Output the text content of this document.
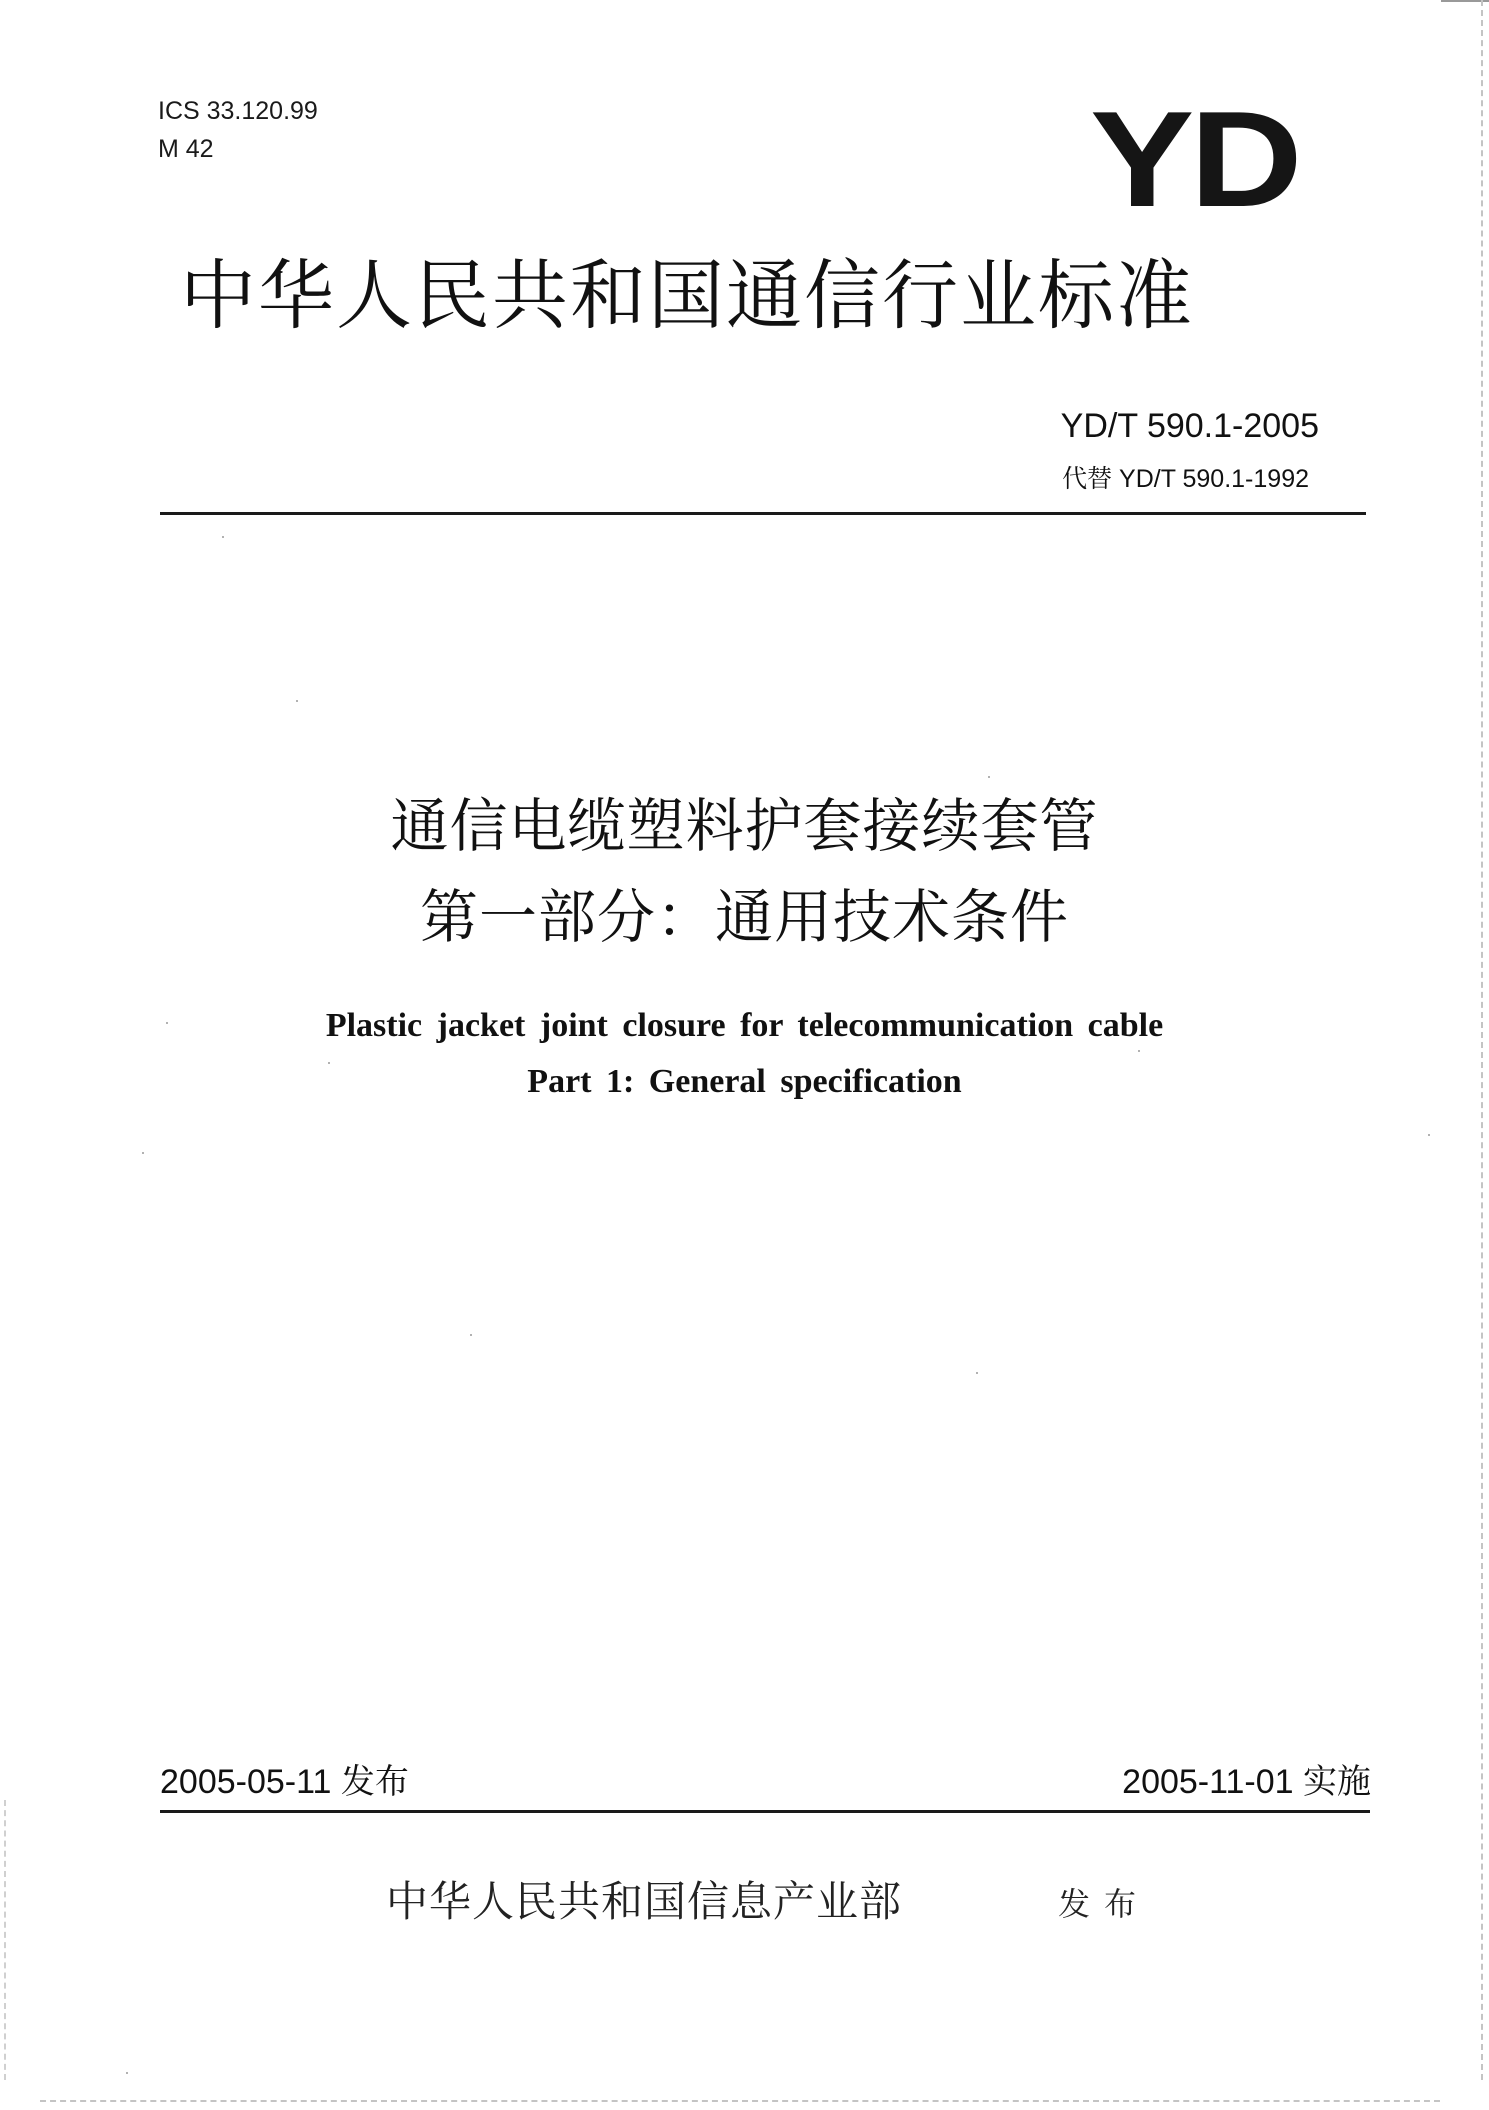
ICS 33.120.99
M 42	YD
中华人民共和国通信行业标准
YD/T 590.1-2005
代替 YD/T 590.1-1992
通信电缆塑料护套接续套管
第一部分：通用技术条件
Plastic jacket joint closure for telecommunication cable
Part 1: General specification
2005-05-11 发布	2005-11-01 实施
中华人民共和国信息产业部	发布
